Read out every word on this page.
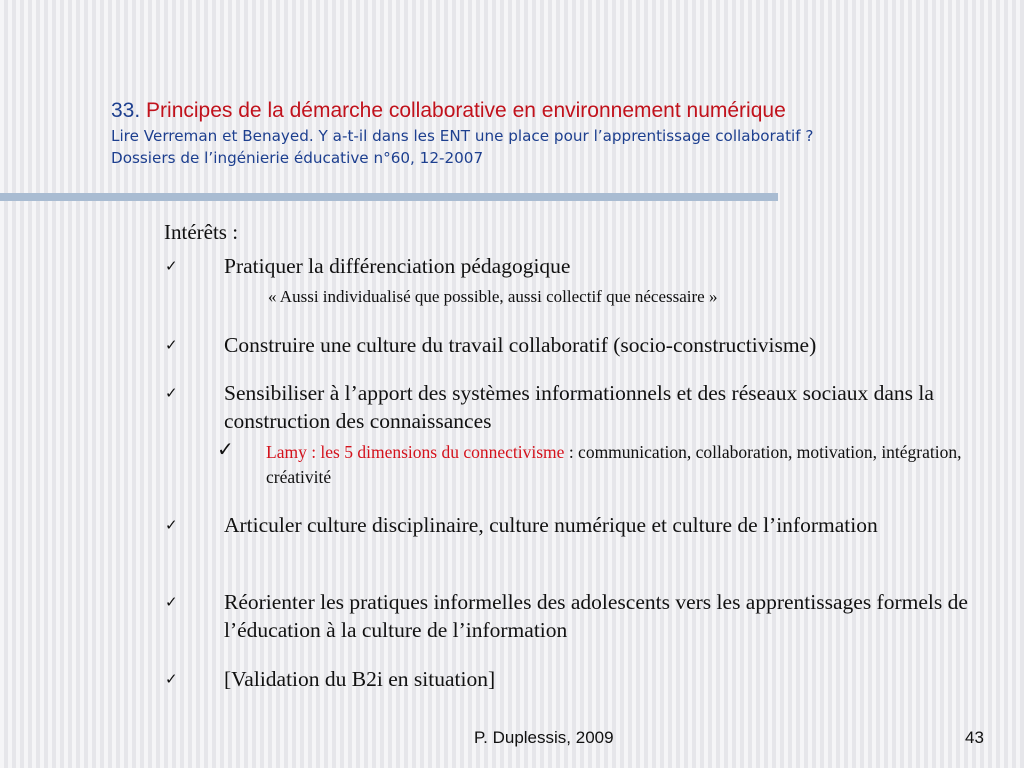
33. Principes de la démarche collaborative en environnement numérique
Lire Verreman et Benayed. Y a-t-il dans les ENT une place pour l’apprentissage collaboratif ?
Dossiers de l’ingénierie éducative n°60, 12-2007
Intérêts :
✓ Pratiquer la différenciation pédagogique
« Aussi individualisé que possible, aussi collectif que nécessaire »
✓ Construire une culture du travail collaboratif (socio-constructivisme)
✓ Sensibiliser à l’apport des systèmes informationnels et des réseaux sociaux dans la construction des connaissances
✓ Lamy : les 5 dimensions du connectivisme : communication, collaboration, motivation, intégration, créativité
✓ Articuler culture disciplinaire, culture numérique et culture de l’information
✓ Réorienter les pratiques informelles des adolescents vers les apprentissages formels de l’éducation à la culture de l’information
✓ [Validation du B2i en situation]
P. Duplessis, 2009	43
